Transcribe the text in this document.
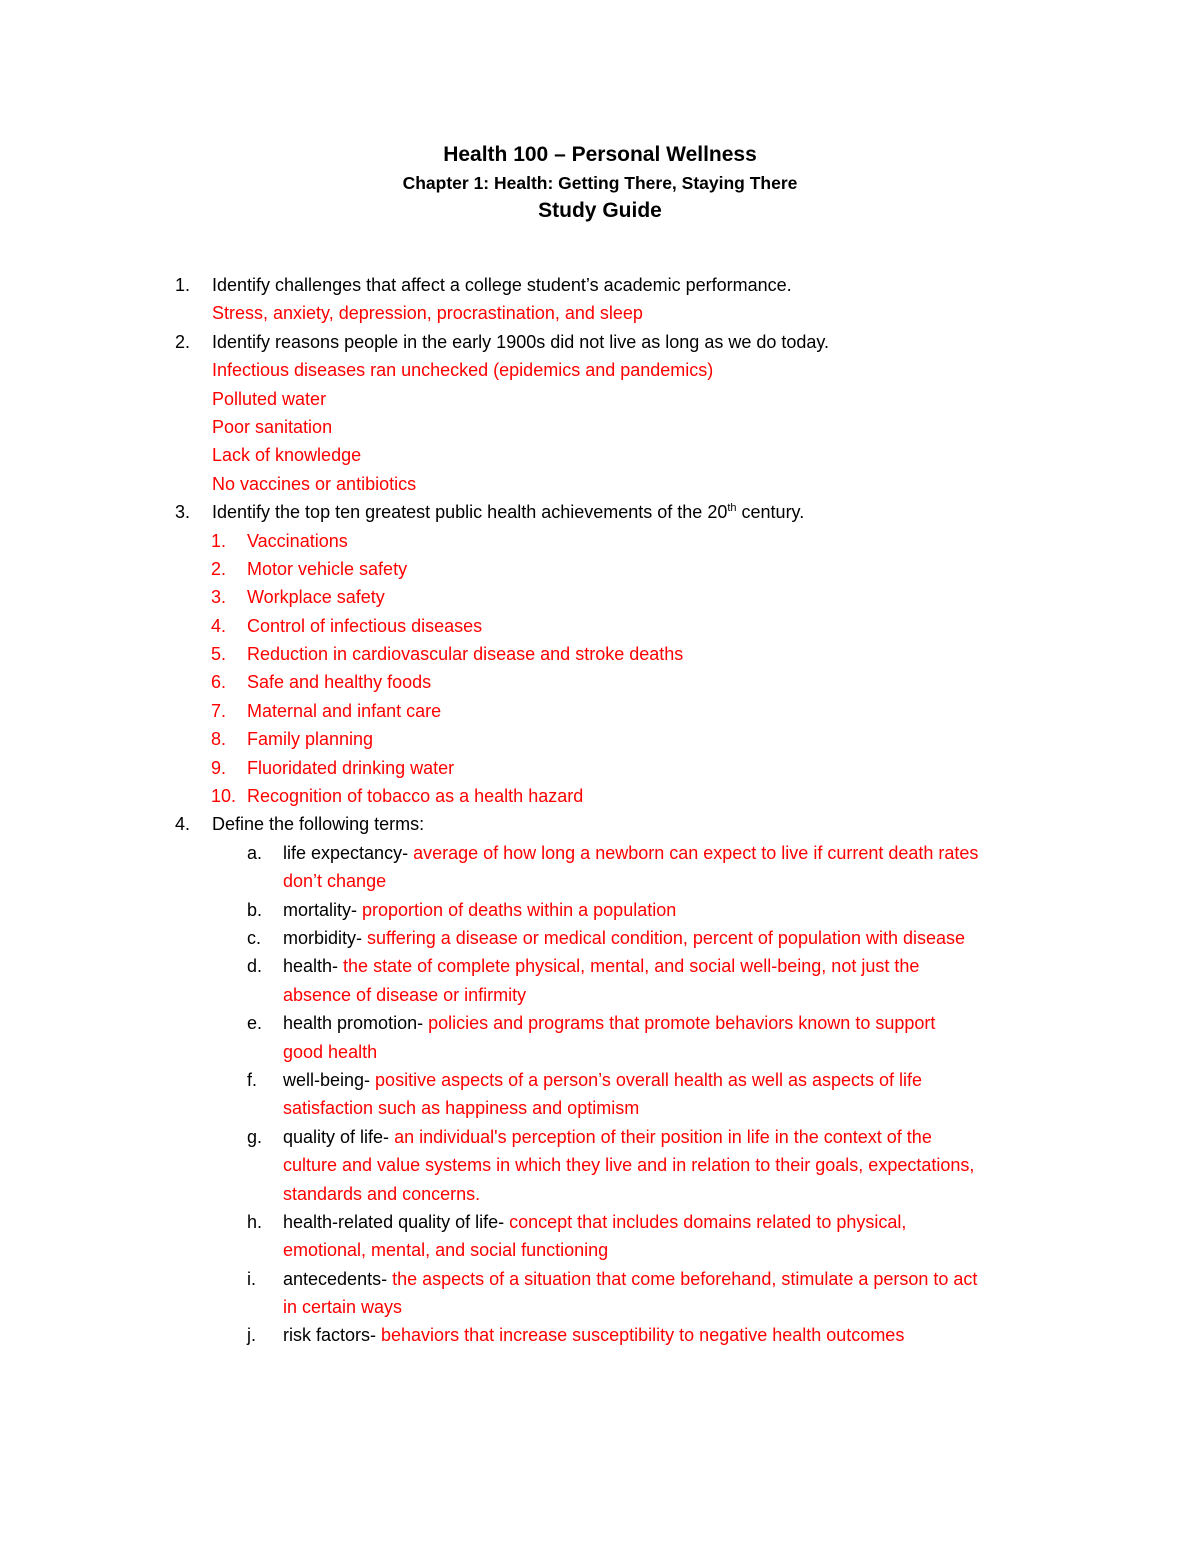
Health 100 – Personal Wellness
Chapter 1: Health: Getting There, Staying There
Study Guide
1. Identify challenges that affect a college student’s academic performance.
Stress, anxiety, depression, procrastination, and sleep
2. Identify reasons people in the early 1900s did not live as long as we do today.
Infectious diseases ran unchecked (epidemics and pandemics)
Polluted water
Poor sanitation
Lack of knowledge
No vaccines or antibiotics
3. Identify the top ten greatest public health achievements of the 20th century.
1. Vaccinations
2. Motor vehicle safety
3. Workplace safety
4. Control of infectious diseases
5. Reduction in cardiovascular disease and stroke deaths
6. Safe and healthy foods
7. Maternal and infant care
8. Family planning
9. Fluoridated drinking water
10. Recognition of tobacco as a health hazard
4. Define the following terms:
a. life expectancy- average of how long a newborn can expect to live if current death rates
don’t change
b. mortality- proportion of deaths within a population
c. morbidity- suffering a disease or medical condition, percent of population with disease
d. health- the state of complete physical, mental, and social well-being, not just the
absence of disease or infirmity
e. health promotion- policies and programs that promote behaviors known to support
good health
f. well-being- positive aspects of a person’s overall health as well as aspects of life
satisfaction such as happiness and optimism
g. quality of life- an individual's perception of their position in life in the context of the
culture and value systems in which they live and in relation to their goals, expectations,
standards and concerns.
h. health-related quality of life- concept that includes domains related to physical,
emotional, mental, and social functioning
i. antecedents- the aspects of a situation that come beforehand, stimulate a person to act
in certain ways
j. risk factors- behaviors that increase susceptibility to negative health outcomes
